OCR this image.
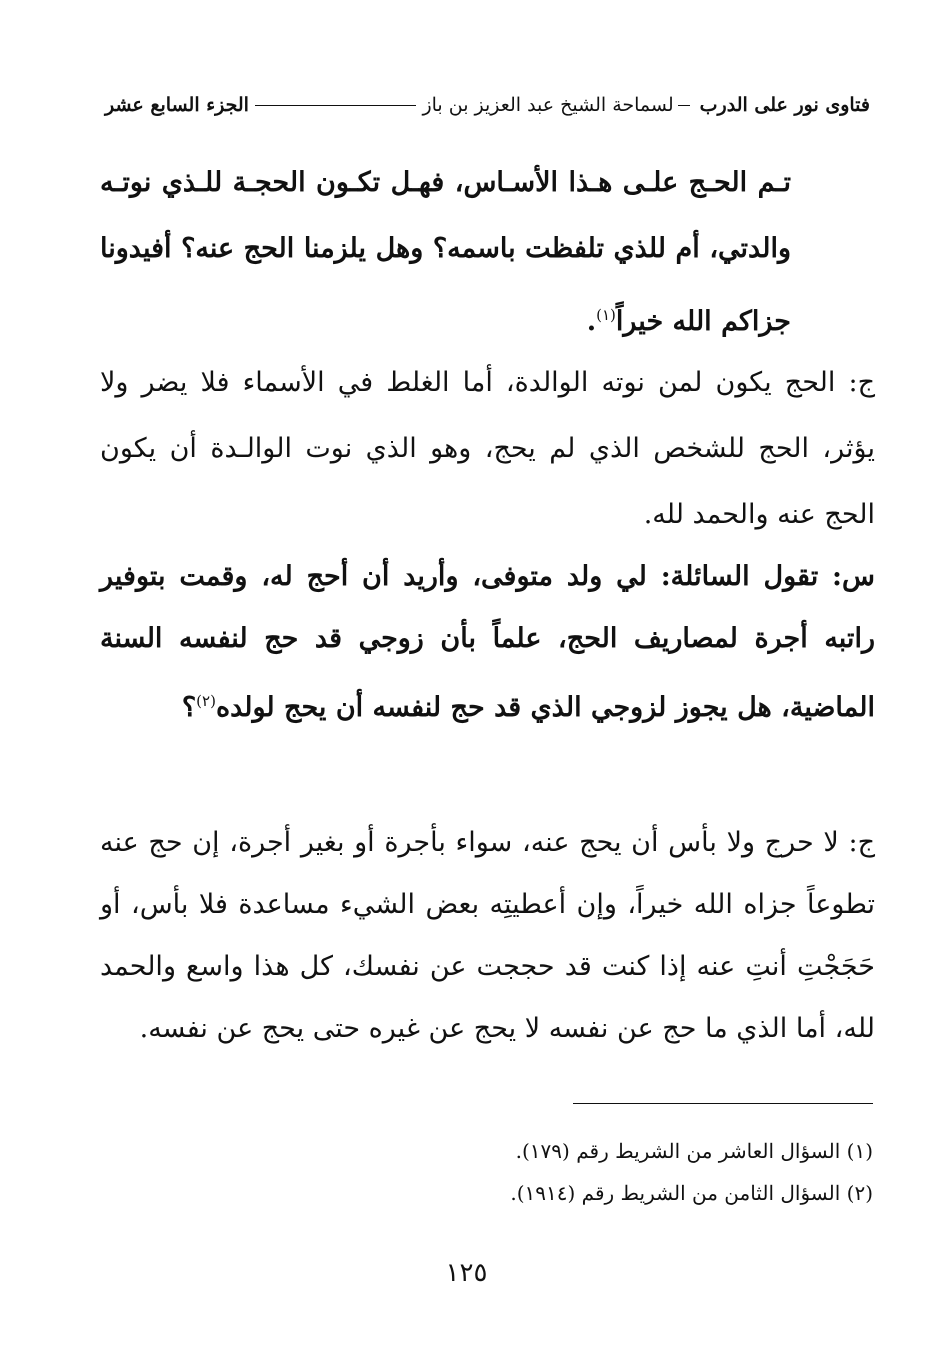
فتاوى نور على الدرب
لسماحة الشيخ عبد العزيز بن باز
الجزء السابع عشر
تـم الحـج علـى هـذا الأسـاس، فهـل تكـون الحجـة للـذي نوتـه والدتي، أم للذي تلفظت باسمه؟ وهل يلزمنا الحج عنه؟ أفيدونا جزاكم الله خيراً$^{(١)}$.
ج: الحج يكون لمن نوته الوالدة، أما الغلط في الأسماء فلا يضر ولا يؤثر، الحج للشخص الذي لم يحج، وهو الذي نوت الوالـدة أن يكون الحج عنه والحمد لله.
س: تقول السائلة: لي ولد متوفى، وأريد أن أحج له، وقمت بتوفير راتبه أجرة لمصاريف الحج، علماً بأن زوجي قد حج لنفسه السنة الماضية، هل يجوز لزوجي الذي قد حج لنفسه أن يحج لولده$^{(٢)}$؟
ج: لا حرج ولا بأس أن يحج عنه، سواء بأجرة أو بغير أجرة، إن حج عنه تطوعاً جزاه الله خيراً، وإن أعطيتِه بعض الشيء مساعدة فلا بأس، أو حَجَجْتِ أنتِ عنه إذا كنت قد حججت عن نفسك، كل هذا واسع والحمد لله، أما الذي ما حج عن نفسه لا يحج عن غيره حتى يحج عن نفسه.
(١) السؤال العاشر من الشريط رقم (١٧٩).
(٢) السؤال الثامن من الشريط رقم (١٩١٤).
١٢٥
